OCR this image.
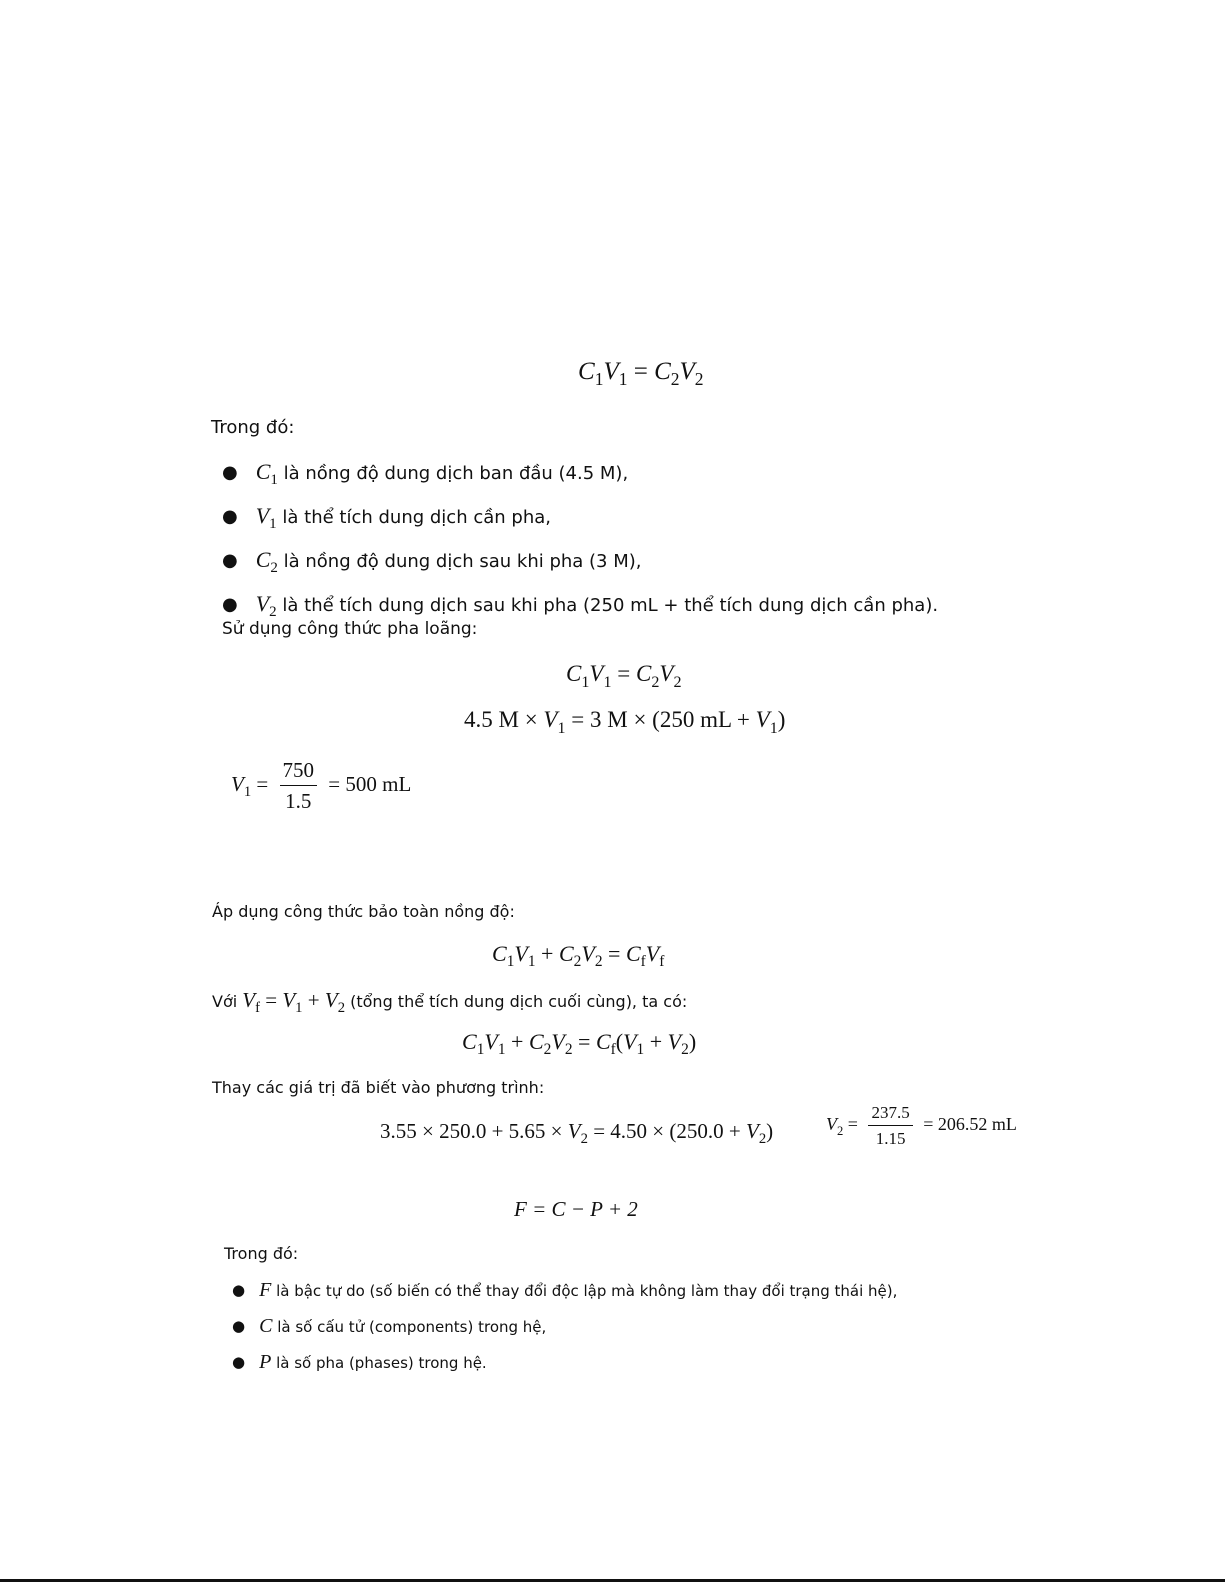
$C_1V_1 = C_2V_2$
Trong đó:
● $C_1$ là nồng độ dung dịch ban đầu (4.5 M),
● $V_1$ là thể tích dung dịch cần pha,
● $C_2$ là nồng độ dung dịch sau khi pha (3 M),
● $V_2$ là thể tích dung dịch sau khi pha (250 mL + thể tích dung dịch cần pha).
Sử dụng công thức pha loãng:
$C_1V_1 = C_2V_2$
4.5 $M \times V_1 = 3$ M × (250 mL + $V_1$)
$V_1 = \frac{750}{1.5} = 500$ mL
Áp dụng công thức bảo toàn nồng độ:
$C_1V_1 + C_2V_2 = C_fV_f$
Với $V_f = V_1 + V_2$ (tổng thể tích dung dịch cuối cùng), ta có:
$C_1V_1 + C_2V_2 = C_f(V_1 + V_2)$
Thay các giá trị đã biết vào phương trình:
$3.55 \times 250.0 + 5.65 \times V_2 = 4.50 \times (250.0 + V_2)$	$V_2 = \frac{237.5}{1.15} = 206.52$ mL
F = C − P + 2
Trong đó:
● F là bậc tự do (số biến có thể thay đổi độc lập mà không làm thay đổi trạng thái hệ),
● C là số cấu tử (components) trong hệ,
● P là số pha (phases) trong hệ.
